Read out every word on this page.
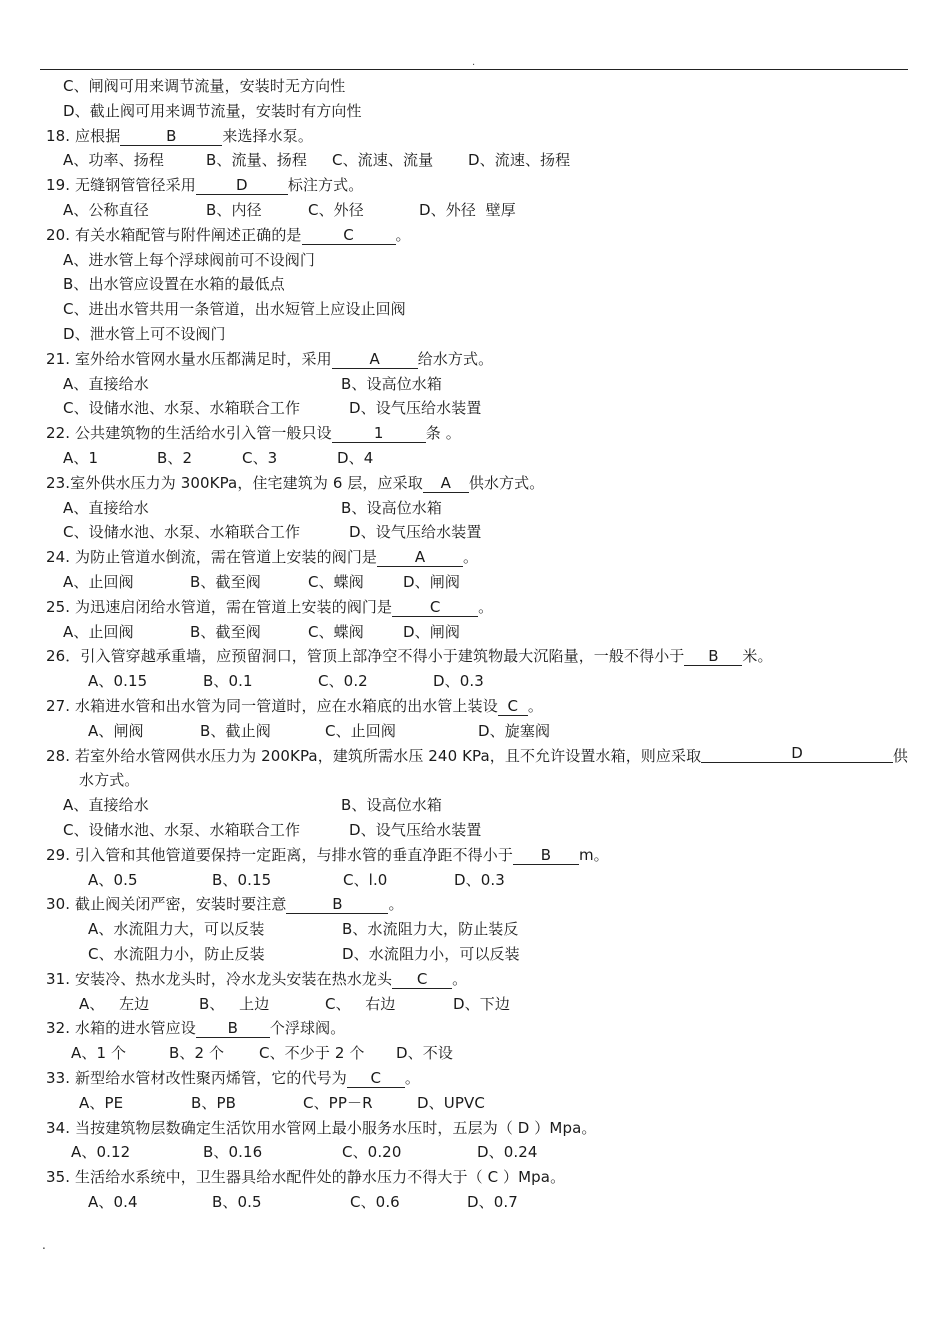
.
C、闸阀可用来调节流量，安装时无方向性
D、截止阀可用来调节流量，安装时有方向性
18. 应根据	B	来选择水泵。
A、功率、扬程	B、流量、扬程 C、流速、流量 D、流速、扬程
19. 无缝钢管管径采用	D	标注方式。
A、公称直径	B、内径	C、外径	D、外径  壁厚
20. 有关水箱配管与附件阐述正确的是	C	。
A、进水管上每个浮球阀前可不设阀门
B、出水管应设置在水箱的最低点
C、进出水管共用一条管道，出水短管上应设止回阀
D、泄水管上可不设阀门
21. 室外给水管网水量水压都满足时，采用	A	给水方式。
A、直接给水	B、设高位水箱
C、设储水池、水泵、水箱联合工作	D、设气压给水装置
22. 公共建筑物的生活给水引入管一般只设	1	条 。
A、1	B、2	C、3	D、4
23.室外供水压力为 300KPa，住宅建筑为 6 层，应采取 A 供水方式。
A、直接给水	B、设高位水箱
C、设储水池、水泵、水箱联合工作	D、设气压给水装置
24. 为防止管道水倒流，需在管道上安装的阀门是	A	。
A、止回阀	B、截至阀	C、蝶阀	D、闸阀
25. 为迅速启闭给水管道，需在管道上安装的阀门是	C	。
A、止回阀	B、截至阀	C、蝶阀	D、闸阀
26．引入管穿越承重墙，应预留洞口，管顶上部净空不得小于建筑物最大沉陷量，一般不得小于 B 米。
A、0.15	B、0.1	C、0.2	D、0.3
27. 水箱进水管和出水管为同一管道时，应在水箱底的出水管上装设 C 。
A、闸阀	B、截止阀	C、止回阀	D、旋塞阀
28. 若室外给水管网供水压力为 200KPa，建筑所需水压 240 KPa，且不允许设置水箱，则应采取	D	供
水方式。
A、直接给水	B、设高位水箱
C、设储水池、水泵、水箱联合工作	D、设气压给水装置
29. 引入管和其他管道要保持一定距离，与排水管的垂直净距不得小于 B m。
A、0.5	B、0.15	C、l.0	D、0.3
30. 截止阀关闭严密，安装时要注意	B	。
A、水流阻力大，可以反装	B、水流阻力大，防止装反
C、水流阻力小，防止反装	D、水流阻力小，可以反装
31. 安装冷、热水龙头时，冷水龙头安装在热水龙头 C 。
A、   左边	B、   上边	C、   右边	D、下边
32. 水箱的进水管应设 B 个浮球阀。
A、1 个	B、2 个 C、不少于 2 个 D、不设
33. 新型给水管材改性聚丙烯管，它的代号为 C 。
A、PE	B、PB	C、PP－R	D、UPVC
34. 当按建筑物层数确定生活饮用水管网上最小服务水压时，五层为（ D ）Mpa。
A、0.12	B、0.16	C、0.20	D、0.24
35. 生活给水系统中，卫生器具给水配件处的静水压力不得大于（ C ）Mpa。
A、0.4	B、0.5	C、0.6	D、0.7
.
